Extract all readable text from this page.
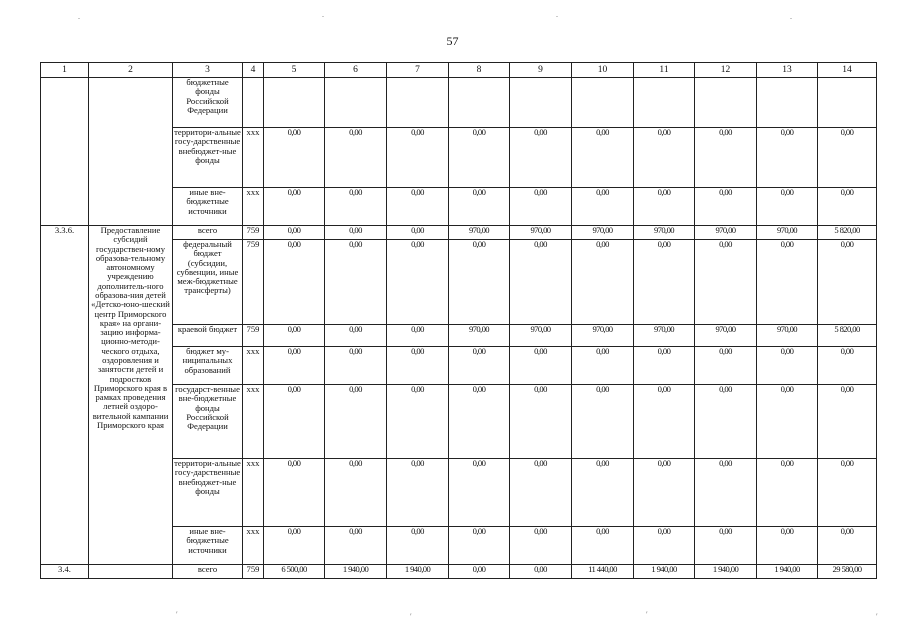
57
1	2	3	4	5	6	7	8	9	10	11	12	13	14
		бюджетные фонды Российской Федерации											
		территори-альные госу-дарственные внебюджет-ные фонды	ххх	0,00	0,00	0,00	0,00	0,00	0,00	0,00	0,00	0,00	0,00
		иные вне-бюджетные источники	ххх	0,00	0,00	0,00	0,00	0,00	0,00	0,00	0,00	0,00	0,00
3.3.6.	Предоставление субсидий государствен-ному образова-тельному автономному учреждению дополнитель-ного образова-ния детей «Детско-юно-шеский центр Приморского края» на органи-зацию информа-ционно-методи-ческого отдыха, оздоровления и занятости детей и подростков Приморского края в рамках проведения летней оздоро-вительной кампании Приморского края	всего	759	0,00	0,00	0,00	970,00	970,00	970,00	970,00	970,00	970,00	5 820,00
		федеральный бюджет (субсидии, субвенции, иные меж-бюджетные трансферты)	759	0,00	0,00	0,00	0,00	0,00	0,00	0,00	0,00	0,00	0,00
		краевой бюджет	759	0,00	0,00	0,00	970,00	970,00	970,00	970,00	970,00	970,00	5 820,00
		бюджет му-ниципальных образований	ххх	0,00	0,00	0,00	0,00	0,00	0,00	0,00	0,00	0,00	0,00
		государст-венные вне-бюджетные фонды Российской Федерации	ххх	0,00	0,00	0,00	0,00	0,00	0,00	0,00	0,00	0,00	0,00
		территори-альные госу-дарственные внебюджет-ные фонды	ххх	0,00	0,00	0,00	0,00	0,00	0,00	0,00	0,00	0,00	0,00
		иные вне-бюджетные источники	ххх	0,00	0,00	0,00	0,00	0,00	0,00	0,00	0,00	0,00	0,00
3.4.		всего	759	6 500,00	1 940,00	1 940,00	0,00	0,00	11 440,00	1 940,00	1 940,00	1 940,00	29 580,00
.	.	.	.
′	′	′	′
